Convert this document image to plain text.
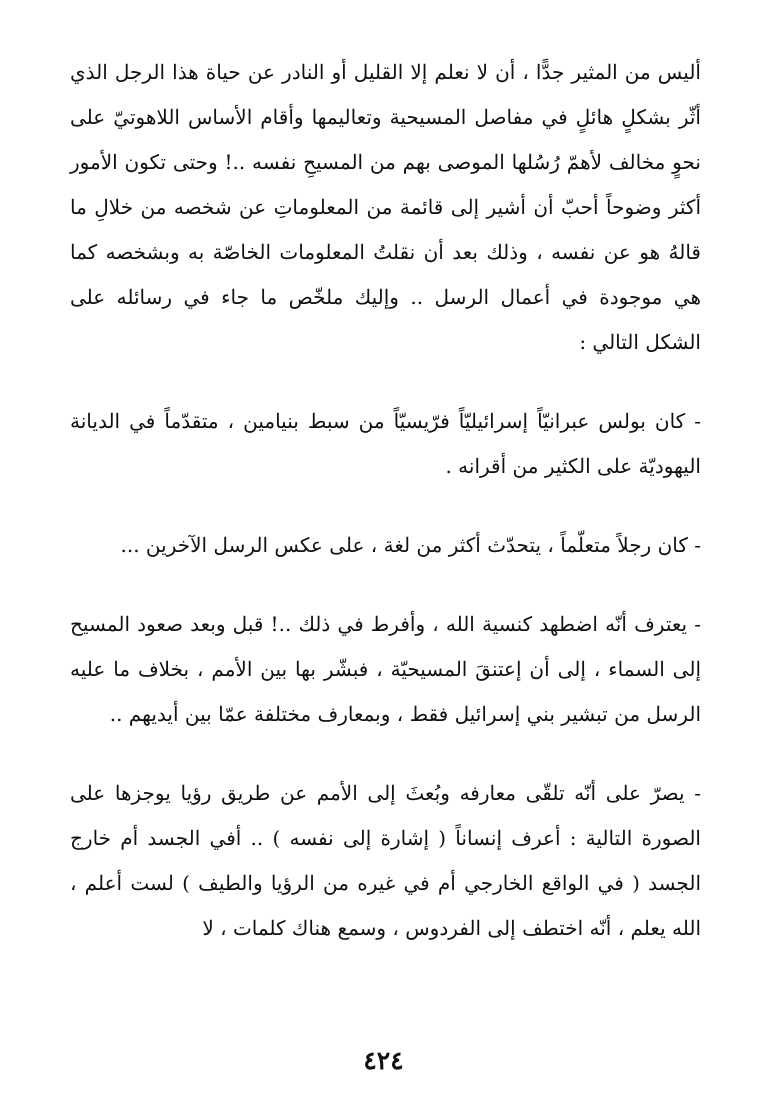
أليس من المثير جدًّا ، أن لا نعلم إلا القليل أو النادر عن حياة هذا الرجل الذي أثّر بشكلٍ هائلٍ في مفاصل المسيحية وتعاليمها وأقام الأساس اللاهوتيّ على نحوٍ مخالف لأهمّ رُسُلها الموصى بهم من المسيحِ نفسه ..! وحتى تكون الأمور أكثر وضوحاً أحبّ أن أشير إلى قائمة من المعلوماتِ عن شخصه من خلالِ ما قالهُ هو عن نفسه ، وذلك بعد أن نقلتُ المعلومات الخاصّة به وبشخصه كما هي موجودة في أعمال الرسل .. وإليك ملخّص ما جاء في رسائله على الشكل التالي :

- كان بولس عبرانيّاً إسرائيليّاً فرّيسيّاً من سبط بنيامين ، متقدّماً في الديانة اليهوديّة على الكثير من أقرانه .

- كان رجلاً متعلّماً ، يتحدّث أكثر من لغة ، على عكس الرسل الآخرين ...

- يعترف أنّه اضطهد كنسية الله ، وأفرط في ذلك ..! قبل وبعد صعود المسيح إلى السماء ، إلى أن إعتنقَ المسيحيّة ، فبشّر بها بين الأمم ، بخلاف ما عليه الرسل من تبشير بني إسرائيل فقط ، وبمعارف مختلفة عمّا بين أيديهم ..

- يصرّ على أنّه تلقّى معارفه وبُعثَ إلى الأمم عن طريق رؤيا يوجزها على الصورة التالية : أعرف إنساناً ( إشارة إلى نفسه ) .. أفي الجسد أم خارج الجسد ( في الواقع الخارجي أم في غيره من الرؤيا والطيف ) لست أعلم ، الله يعلم ، أنّه اختطف إلى الفردوس ، وسمع هناك كلمات ، لا

٤٢٤
